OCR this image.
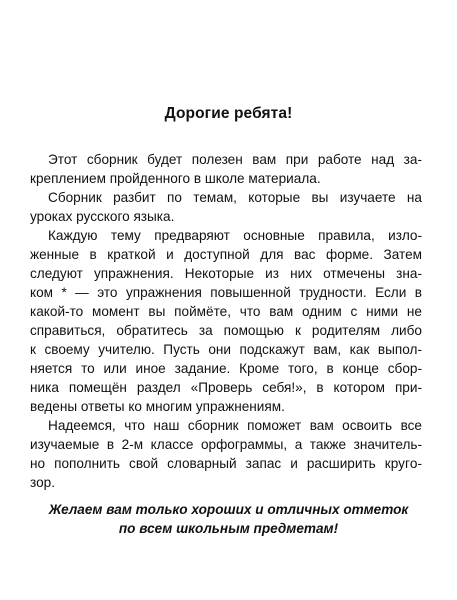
Дорогие ребята!
Этот сборник будет полезен вам при работе над за-
креплением пройденного в школе материала.
Сборник разбит по темам, которые вы изучаете на
уроках русского языка.
Каждую тему предваряют основные правила, изло-
женные в краткой и доступной для вас форме. Затем
следуют упражнения. Некоторые из них отмечены зна-
ком * — это упражнения повышенной трудности. Если в
какой-то момент вы поймёте, что вам одним с ними не
справиться, обратитесь за помощью к родителям либо
к своему учителю. Пусть они подскажут вам, как выпол-
няется то или иное задание. Кроме того, в конце сбор-
ника помещён раздел «Проверь себя!», в котором при-
ведены ответы ко многим упражнениям.
Надеемся, что наш сборник поможет вам освоить все
изучаемые в 2-м классе орфограммы, а также значитель-
но пополнить свой словарный запас и расширить кругo-
зор.
Желаем вам только хороших и отличных отметок
по всем школьным предметам!
